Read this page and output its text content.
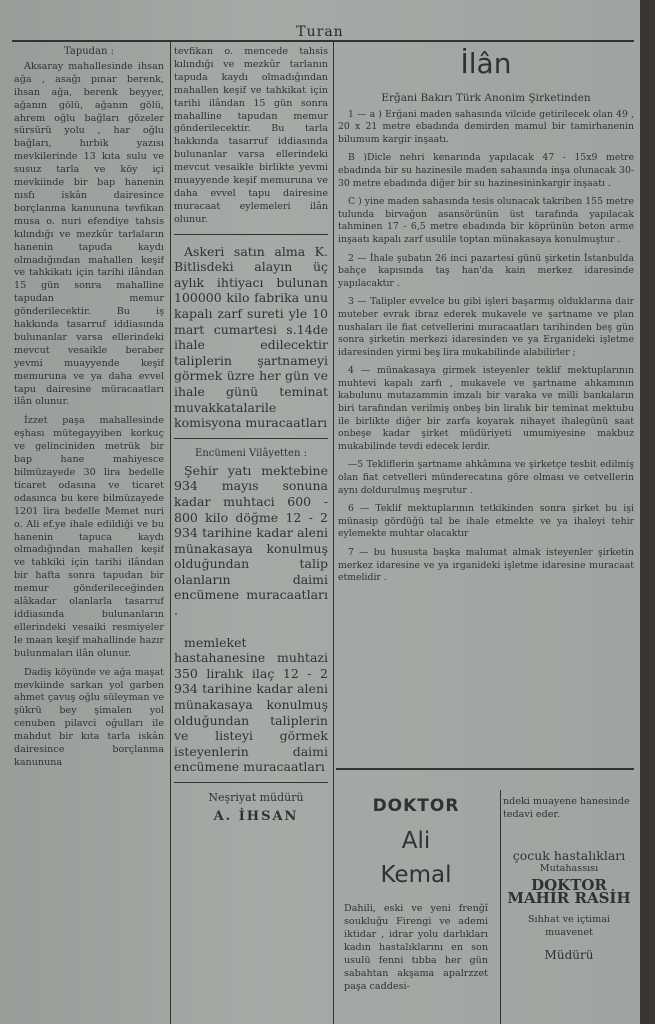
Turan

Tapudan :

Aksaray mahallesinde ihsan ağa , asağı pınar berenk, ihsan ağa, berenk beyyer, ağanın gölü, ağanın gölü, ahrem oğlu bağları gözeler sürsürü yolu , har oğlu bağları, hırbik yazısı mevkilerinde 13 kıta sulu ve susuz tarla ve köy içi mevkiinde bir bap hanenin nısfı iskân dairesince borçlanma kanununa tevfikan musa o. nuri efendiye tahsis kılındığı ve mezkûr tarlaların hanenin tapuda kaydı olmadığından mahallen keşif ve tahkikatı için tarihi ilândan 15 gün sonra mahalline tapudan memur gönderilecektir. Bu iş hakkında tasarruf iddiasında bulunanlar varsa ellerindeki mevcut vesaikle beraber yevmi muayyende keşif memuruna ve ya daha evvel tapu dairesine müracaatları ilân olunur.

İzzet paşa mahallesinde eşhası mütegayyiben korkuç ve gelinciniden metrük bir bap hane mahiyesce bilmüzayede 30 lira bedelle ticaret odasına ve ticaret odasınca bu kere bilmüzayede 1201 lira bedelle Memet nuri o. Ali ef.ye ihale edildiği ve bu hanenin tapuca kaydı olmadığından mahallen keşif ve tahkiki için tarihi ilândan bir hafta sonra tapudan bir memur gönderileceğinden alâkadar olanlarla tasarruf iddiasında bulunanların ellerindeki vesaiki resmiyeler le maan keşif mahallinde hazır bulunmaları ilân olunur.

Dadiş köyünde ve ağa maşat mevkiinde sarkan yol garben ahmet çavuş oğlu süleyman ve şükrü bey şimalen yol cenuben pilavci oğulları ile mahdut bir kıta tarla iskân dairesince borçlanma kanununa

tevfikan o. mencede tahsis kılındığı ve mezkûr tarlanın tapuda kaydı olmadığından mahallen keşif ve tahkikat için tarihi ilândan 15 gün sonra mahalline tapudan memur gönderilecektir. Bu tarla hakkında tasarruf iddiasında bulunanlar varsa ellerindeki mevcut vesaikle birlikte yevmi muayyende keşif memuruna ve daha evvel tapu dairesine muracaat eylemeleri ilân olunur.

Askeri satın alma K. Bitlisdeki alayın üç aylık ihtiyacı bulunan 100000 kilo fabrika unu kapalı zarf sureti yle 10 mart cumartesi s.14de ihale edilecektir taliplerin şartnameyi görmek üzre her gün ve ihale günü teminat muvakkatalarile komisyona muracaatları

Encümeni Vilâyetten :

Şehir yatı mektebine 934 mayıs sonuna kadar muhtaci 600 - 800 kilo döğme 12 - 2 934 tarihine kadar aleni münakasaya konulmuş olduğundan talip olanların daimi encümene muracaatları .

memleket hastahanesine muhtazi 350 liralık ilaç 12 - 2 934 tarihine kadar aleni münakasaya konulmuş olduğundan taliplerin ve listeyi görmek isteyenlerin daimi encümene muracaatları

Neşriyat müdürü

A. İHSAN

İlân
Erğani Bakırı Türk Anonim Şirketinden

1 — a ) Erğani maden sahasında vilcide getirilecek olan 49 , 20 x 21 metre ebadında demirden mamul bir tamirhanenin bilumum kargir inşaatı.

B )Dicle nehri kenarında yapılacak 47 - 15x9 metre ebadında bir su hazinesile maden sahasında inşa olunacak 30-30 metre ebadında diğer bir su hazinesininkargir inşaatı .

C ) yine maden sahasında tesis olunacak takriben 155 metre tulunda birvağon asansörünün üst tarafında yapılacak tahminen 17 - 6,5 metre ebadında bir köprünün beton arme inşaatı kapalı zarf usulile toptan münakasaya konulmuştur .

2 — İhale şubatın 26 inci pazartesi günü şirketin İstanbulda bahçe kapısında taş han'da kain merkez idaresinde yapılacaktır .

3 — Talipler evvelce bu gibi işleri başarmış olduklarına dair muteber evrak ibraz ederek mukavele ve şartname ve plan nushaları ile fiat cetvellerini muracaatları tarihinden beş gün sonra şirketin merkezi idaresinden ve ya Erganideki işletme idaresinden yirmi beş lira mukabilinde alabilirler ;

4 — münakasaya girmek isteyenler teklif mektuplarının muhtevi kapalı zarfı , mukavele ve şartname ahkamının kabulunu mutazammin imzalı bir varaka ve milli bankaların biri tarafından verilmiş onbeş bin liralık bir teminat mektubu ile birlikte diğer bir zarfa koyarak nihayet ihalegünü saat onbeşe kadar şirket müdüriyeti umumiyesine makbuz mukabilinde tevdi edecek lerdir.

—5 Tekliflerin şartname ahkâmına ve şirketçe tesbit edilmiş olan fiat cetvelleri münderecatına göre olması ve cetvellerin aynı doldurulmuş meşrutur .

6 — Teklif mektuplarının tetkikinden sonra şirket bu işi münasip gördüğü tal be ihale etmekte ve ya ihaleyi tehir eylemekte muhtar olacaktır

7 — bu hususta başka malumat almak isteyenler şirketin merkez idaresine ve ya ırganideki işletme idaresine muracaat etmelidir .

DOKTOR
Ali
Kemal
Dahili, eski ve yeni frenğî soukluğu Firengi ve ademi iktidar , idrar yolu darlıkları kadın hastalıklarını en son usulü fenni tıbba her gün sabahtan akşama apalrzzet paşa caddesi-
ndeki muayene hanesinde tedavi eder.
çocuk hastalıkları
Mutahassısı
DOKTOR
MAHİR RASİH
Sıhhat ve içtimai muavenet
Müdürü
